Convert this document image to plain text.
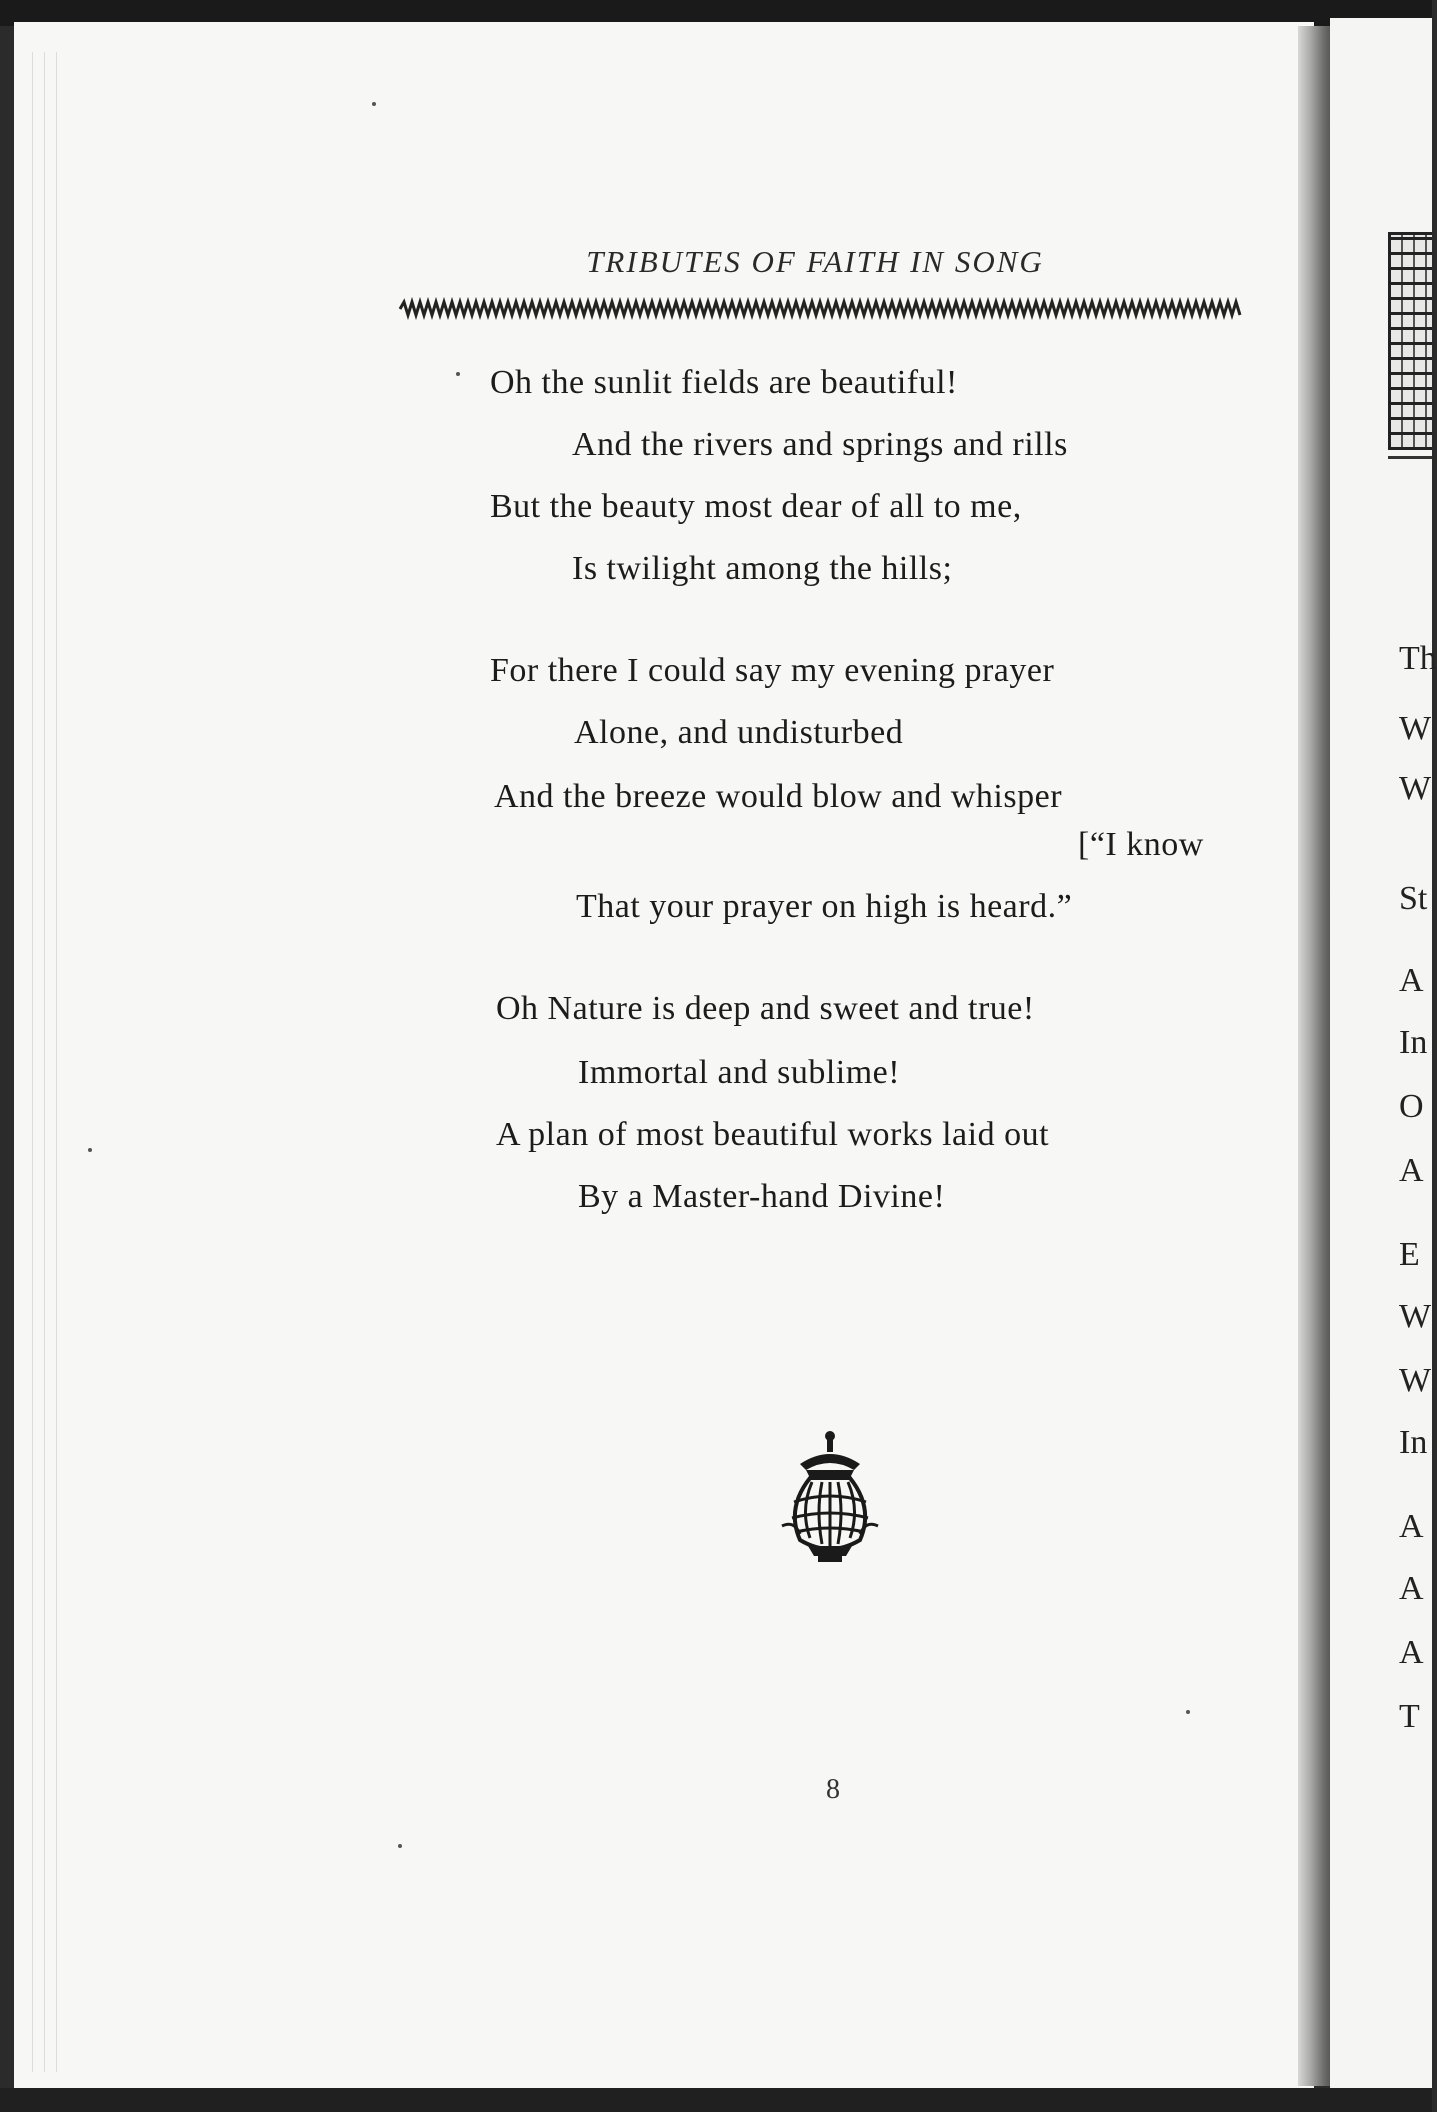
Th
W
W
St
A
In
O
A
E
W
W
In
A
A
A
T
TRIBUTES OF FAITH IN SONG
Oh the sunlit fields are beautiful!
And the rivers and springs and rills
But the beauty most dear of all to me,
Is twilight among the hills;
For there I could say my evening prayer
Alone, and undisturbed
And the breeze would blow and whisper
[“I know
That your prayer on high is heard.”
Oh Nature is deep and sweet and true!
Immortal and sublime!
A plan of most beautiful works laid out
By a Master-hand Divine!
8
